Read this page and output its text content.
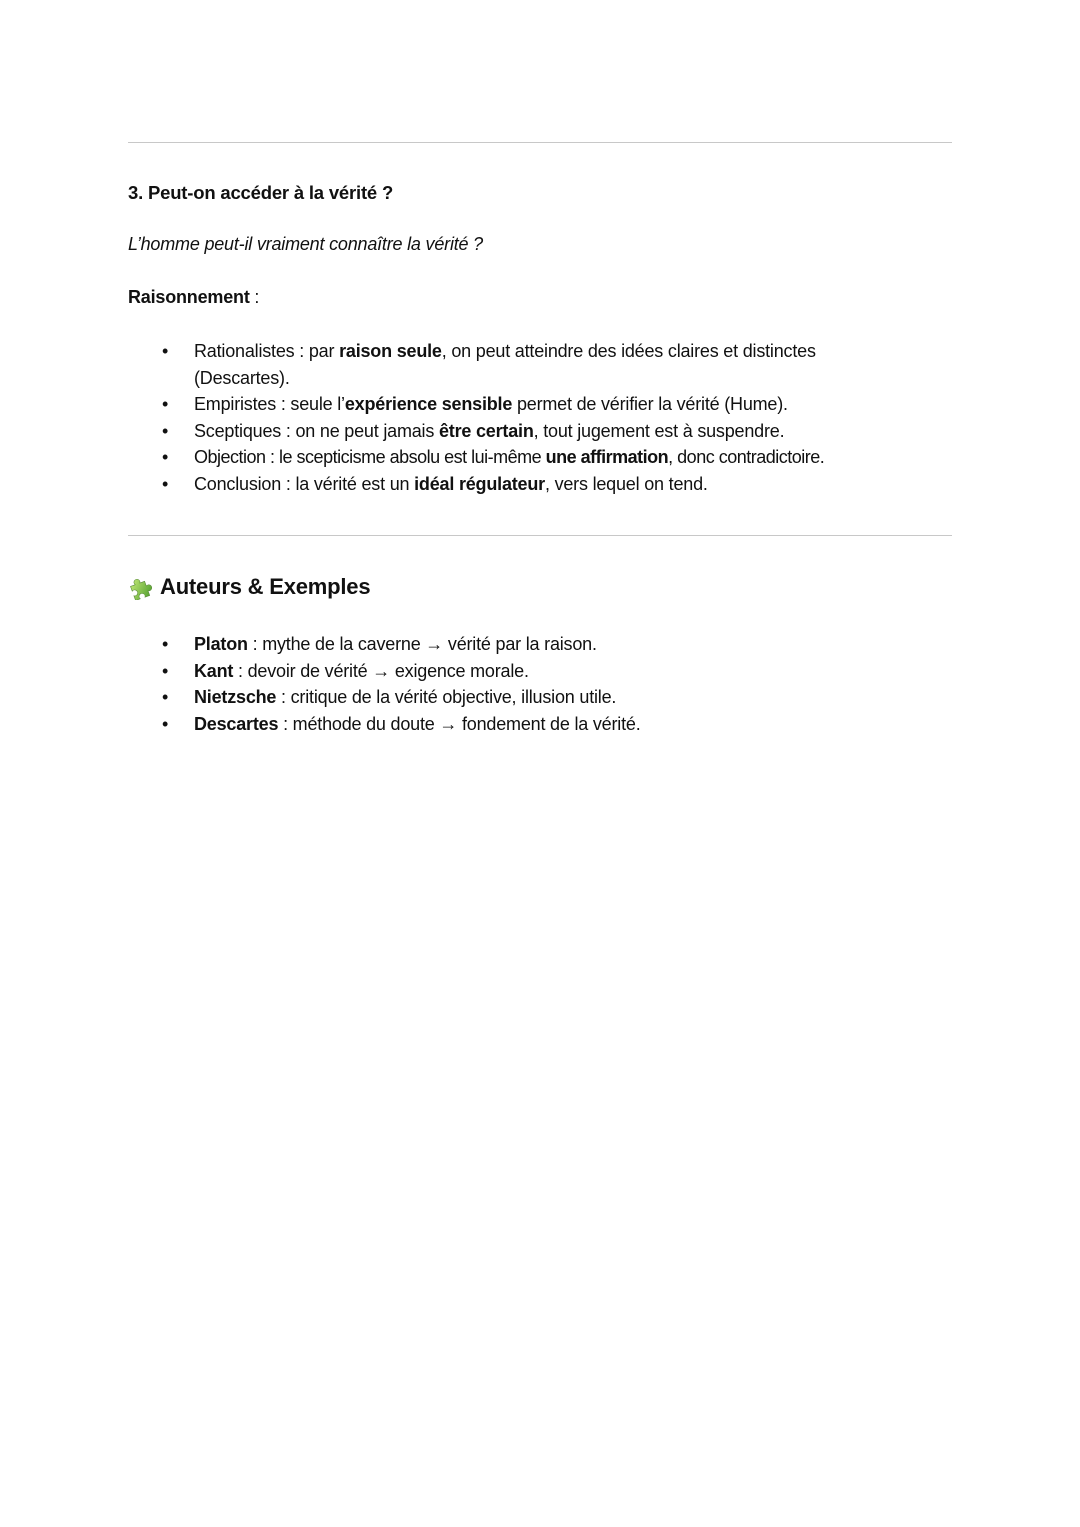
3. Peut-on accéder à la vérité ?
L’homme peut-il vraiment connaître la vérité ?
Raisonnement :
• Rationalistes : par raison seule, on peut atteindre des idées claires et distinctes (Descartes).
• Empiristes : seule l’expérience sensible permet de vérifier la vérité (Hume).
• Sceptiques : on ne peut jamais être certain, tout jugement est à suspendre.
• Objection : le scepticisme absolu est lui-même une affirmation, donc contradictoire.
• Conclusion : la vérité est un idéal régulateur, vers lequel on tend.
Auteurs & Exemples
• Platon : mythe de la caverne → vérité par la raison.
• Kant : devoir de vérité → exigence morale.
• Nietzsche : critique de la vérité objective, illusion utile.
• Descartes : méthode du doute → fondement de la vérité.
